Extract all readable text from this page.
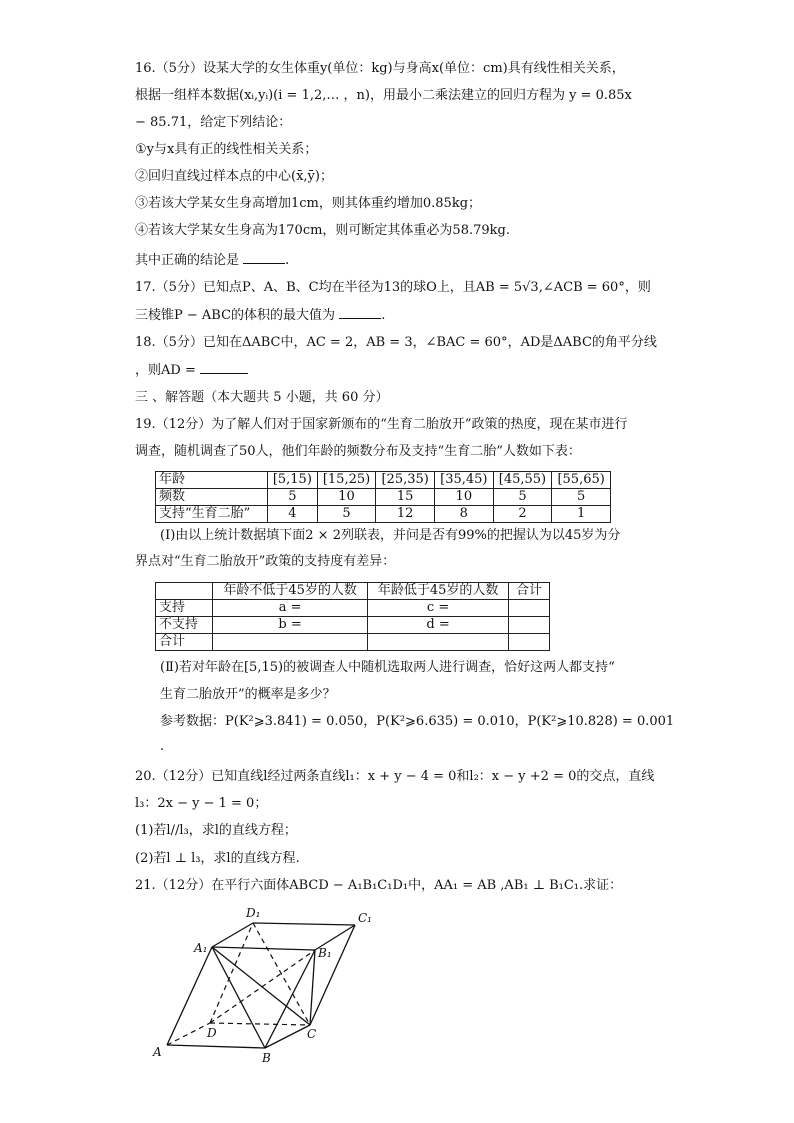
16.（5分）设某大学的女生体重y(单位：kg)与身高x(单位：cm)具有线性相关关系，
根据一组样本数据(xᵢ,yᵢ)(i = 1,2,… ，n)，用最小二乘法建立的回归方程为 y = 0.85x
− 85.71，给定下列结论：
①y与x具有正的线性相关关系；
②回归直线过样本点的中心(x̄,ȳ)；
③若该大学某女生身高增加1cm，则其体重约增加0.85kg；
④若该大学某女生身高为170cm，则可断定其体重必为58.79kg.
其中正确的结论是	.
17.（5分）已知点P、A、B、C均在半径为13的球O上，且AB = 5√3,∠ACB = 60°，则
三棱锥P − ABC的体积的最大值为	.
18.（5分）已知在ΔABC中，AC = 2，AB = 3，∠BAC = 60°，AD是ΔABC的角平分线
，则AD =
三 、解答题（本大题共 5 小题，共 60 分）
19.（12分）为了解人们对于国家新颁布的“生育二胎放开”政策的热度，现在某市进行
调查，随机调查了50人，他们年龄的频数分布及支持“生育二胎”人数如下表：
年龄	[5,15)	[15,25)	[25,35)	[35,45)	[45,55)	[55,65)
频数	5	10	15	10	5	5
支持“生育二胎”	4	5	12	8	2	1
(Ⅰ)由以上统计数据填下面2 × 2列联表，并问是否有99%的把握认为以45岁为分
界点对“生育二胎放开”政策的支持度有差异：
	年龄不低于45岁的人数	年龄低于45岁的人数	合计
支持	a =	c =	
不支持	b =	d =	
合计			
(Ⅱ)若对年龄在[5,15)的被调查人中随机选取两人进行调查，恰好这两人都支持“
生育二胎放开”的概率是多少？
参考数据：P(K²⩾3.841) = 0.050，P(K²⩾6.635) = 0.010，P(K²⩾10.828) = 0.001
.
20.（12分）已知直线l经过两条直线l₁：x + y − 4 = 0和l₂：x − y +2 = 0的交点，直线
l₃：2x − y − 1 = 0；
(1)若l//l₃，求l的直线方程；
(2)若l ⊥ l₃，求l的直线方程.
21.（12分）在平行六面体ABCD − A₁B₁C₁D₁中，AA₁ = AB ,AB₁ ⊥ B₁C₁.求证：
D₁	C₁
A₁	B₁
D	C
A	B
